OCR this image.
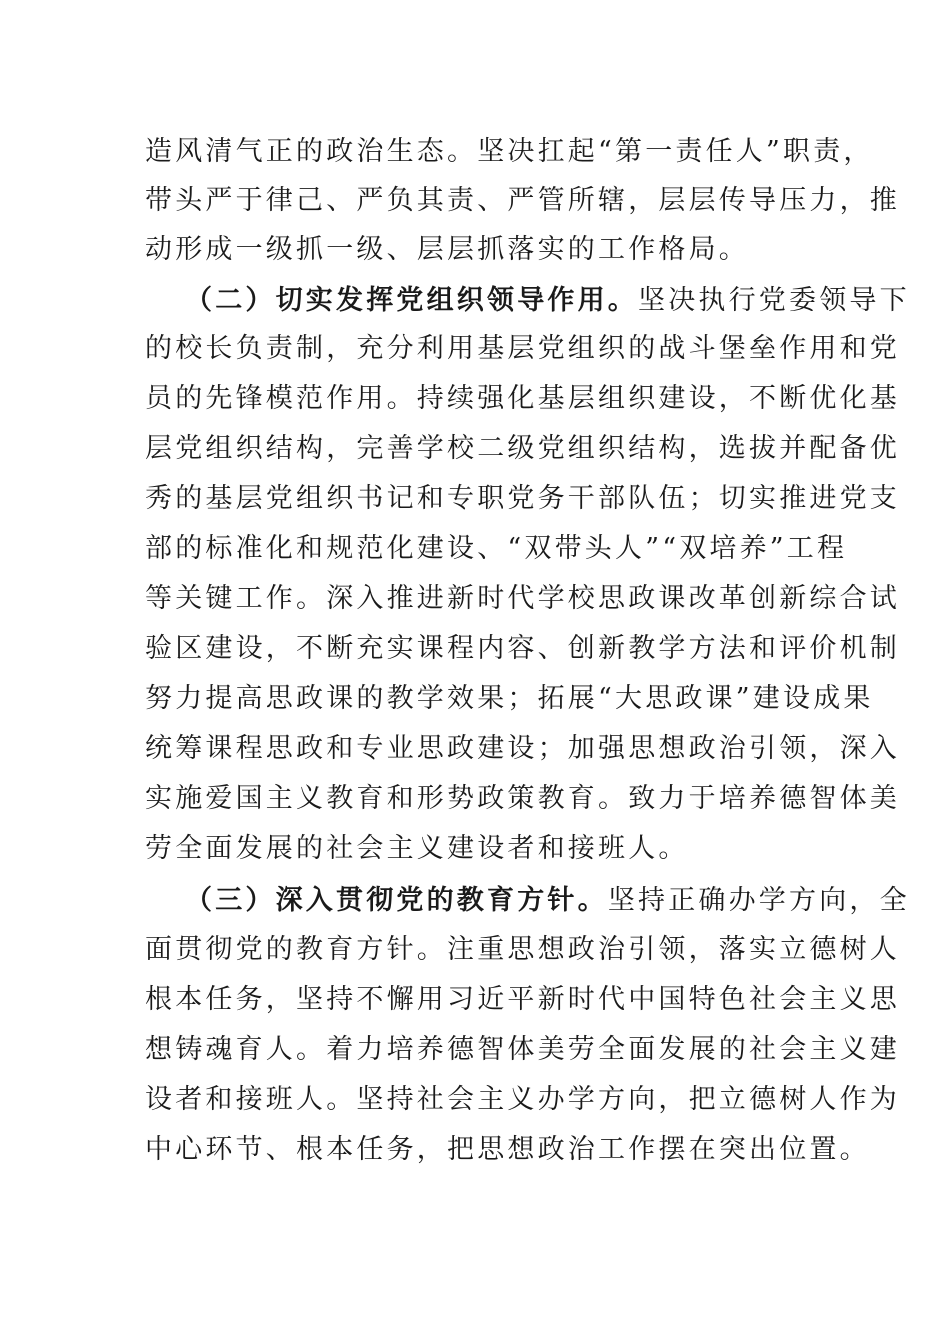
造风清气正的政治生态。坚决扛起“第一责任人”职责，
带头严于律己、严负其责、严管所辖，层层传导压力，推
动形成一级抓一级、层层抓落实的工作格局。
（二）切实发挥党组织领导作用。坚决执行党委领导下
的校长负责制，充分利用基层党组织的战斗堡垒作用和党
员的先锋模范作用。持续强化基层组织建设，不断优化基
层党组织结构，完善学校二级党组织结构，选拔并配备优
秀的基层党组织书记和专职党务干部队伍；切实推进党支
部的标准化和规范化建设、“双带头人”“双培养”工程
等关键工作。深入推进新时代学校思政课改革创新综合试
验区建设，不断充实课程内容、创新教学方法和评价机制
努力提高思政课的教学效果；拓展“大思政课”建设成果
统筹课程思政和专业思政建设；加强思想政治引领，深入
实施爱国主义教育和形势政策教育。致力于培养德智体美
劳全面发展的社会主义建设者和接班人。
（三）深入贯彻党的教育方针。坚持正确办学方向，全
面贯彻党的教育方针。注重思想政治引领，落实立德树人
根本任务，坚持不懈用习近平新时代中国特色社会主义思
想铸魂育人。着力培养德智体美劳全面发展的社会主义建
设者和接班人。坚持社会主义办学方向，把立德树人作为
中心环节、根本任务，把思想政治工作摆在突出位置。
